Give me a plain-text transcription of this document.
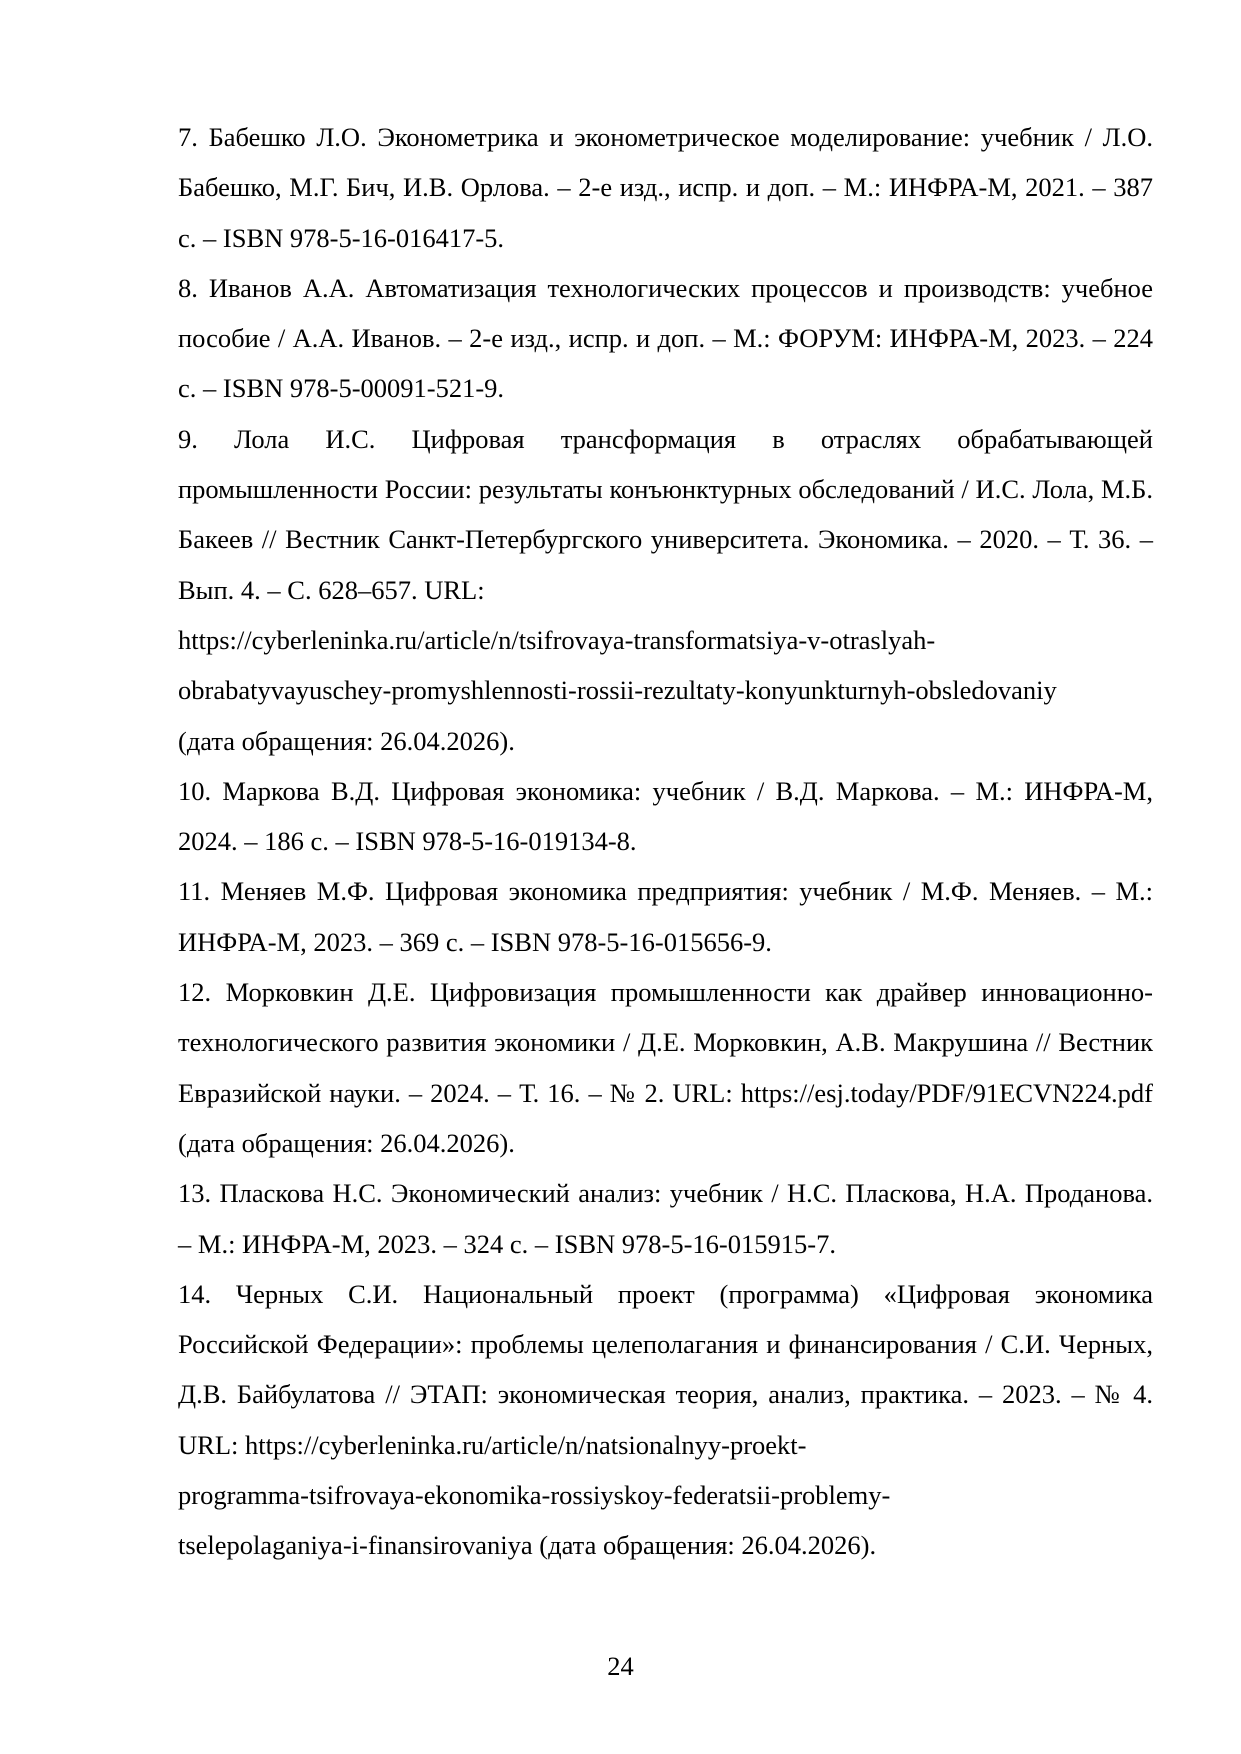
7. Бабешко Л.О. Эконометрика и эконометрическое моделирование: учебник / Л.О. Бабешко, М.Г. Бич, И.В. Орлова. – 2-е изд., испр. и доп. – М.: ИНФРА-М, 2021. – 387 с. – ISBN 978-5-16-016417-5.
8. Иванов А.А. Автоматизация технологических процессов и производств: учебное пособие / А.А. Иванов. – 2-е изд., испр. и доп. – М.: ФОРУМ: ИНФРА-М, 2023. – 224 с. – ISBN 978-5-00091-521-9.
9. Лола И.С. Цифровая трансформация в отраслях обрабатывающей промышленности России: результаты конъюнктурных обследований / И.С. Лола, М.Б. Бакеев // Вестник Санкт-Петербургского университета. Экономика. – 2020. – Т. 36. – Вып. 4. – С. 628–657. URL:
https://cyberleninka.ru/article/n/tsifrovaya-transformatsiya-v-otraslyah-
obrabatyvayuschey-promyshlennosti-rossii-rezultaty-konyunkturnyh-obsledovaniy
(дата обращения: 26.04.2026).
10. Маркова В.Д. Цифровая экономика: учебник / В.Д. Маркова. – М.: ИНФРА-М, 2024. – 186 с. – ISBN 978-5-16-019134-8.
11. Меняев М.Ф. Цифровая экономика предприятия: учебник / М.Ф. Меняев. – М.: ИНФРА-М, 2023. – 369 с. – ISBN 978-5-16-015656-9.
12. Морковкин Д.Е. Цифровизация промышленности как драйвер инновационно-технологического развития экономики / Д.Е. Морковкин, А.В. Макрушина // Вестник Евразийской науки. – 2024. – Т. 16. – № 2. URL: https://esj.today/PDF/91ECVN224.pdf (дата обращения: 26.04.2026).
13. Пласкова Н.С. Экономический анализ: учебник / Н.С. Пласкова, Н.А. Проданова. – М.: ИНФРА-М, 2023. – 324 с. – ISBN 978-5-16-015915-7.
14. Черных С.И. Национальный проект (программа) «Цифровая экономика Российской Федерации»: проблемы целеполагания и финансирования / С.И. Черных, Д.В. Байбулатова // ЭТАП: экономическая теория, анализ, практика. – 2023. – № 4. URL: https://cyberleninka.ru/article/n/natsionalnyy-proekt-
programma-tsifrovaya-ekonomika-rossiyskoy-federatsii-problemy-
tselepolaganiya-i-finansirovaniya (дата обращения: 26.04.2026).
24
